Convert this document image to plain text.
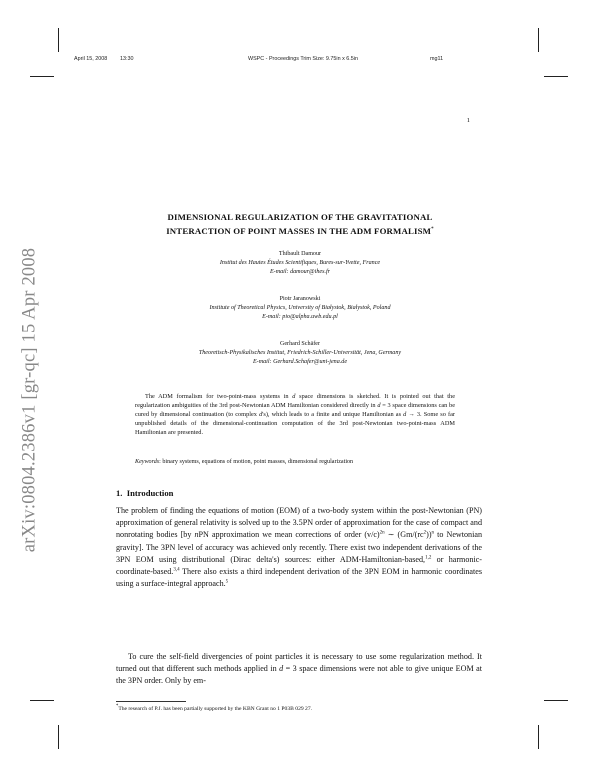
April 15, 2008 13:30	WSPC - Proceedings Trim Size: 9.75in x 6.5in	mg11
1
arXiv:0804.2386v1 [gr-qc] 15 Apr 2008
DIMENSIONAL REGULARIZATION OF THE GRAVITATIONAL
INTERACTION OF POINT MASSES IN THE ADM FORMALISM*
Thibault Damour
Institut des Hautes Études Scientifiques, Bures-sur-Yvette, France
E-mail: damour@ihes.fr
Piotr Jaranowski
Institute of Theoretical Physics, University of Białystok, Białystok, Poland
E-mail: pio@alpha.uwb.edu.pl
Gerhard Schäfer
Theoretisch-Physikalisches Institut, Friedrich-Schiller-Universität, Jena, Germany
E-mail: Gerhard.Schafer@uni-jena.de
The ADM formalism for two-point-mass systems in d space dimensions is sketched. It is pointed out that the regularization ambiguities of the 3rd post-Newtonian ADM Hamiltonian considered directly in d = 3 space dimensions can be cured by dimensional continuation (to complex d's), which leads to a finite and unique Hamiltonian as d → 3. Some so far unpublished details of the dimensional-continuation computation of the 3rd post-Newtonian two-point-mass ADM Hamiltonian are presented.
Keywords: binary systems, equations of motion, point masses, dimensional regularization
1. Introduction

The problem of finding the equations of motion (EOM) of a two-body system within the post-Newtonian (PN) approximation of general relativity is solved up to the 3.5PN order of approximation for the case of compact and nonrotating bodies [by nPN approximation we mean corrections of order $(v/c)^{2n}$ ∼ $(Gm/(rc^2))^n$ to Newtonian gravity]. The 3PN level of accuracy was achieved only recently. There exist two independent derivations of the 3PN EOM using distributional (Dirac delta's) sources: either ADM-Hamiltonian-based,$^{1,2}$ or harmonic-coordinate-based.$^{3,4}$ There also exists a third independent derivation of the 3PN EOM in harmonic coordinates using a surface-integral approach.$^5$

To cure the self-field divergencies of point particles it is necessary to use some regularization method. It turned out that different such methods applied in d = 3 space dimensions were not able to give unique EOM at the 3PN order. Only by em-

*The research of P.J. has been partially supported by the KBN Grant no 1 P03B 029 27.
